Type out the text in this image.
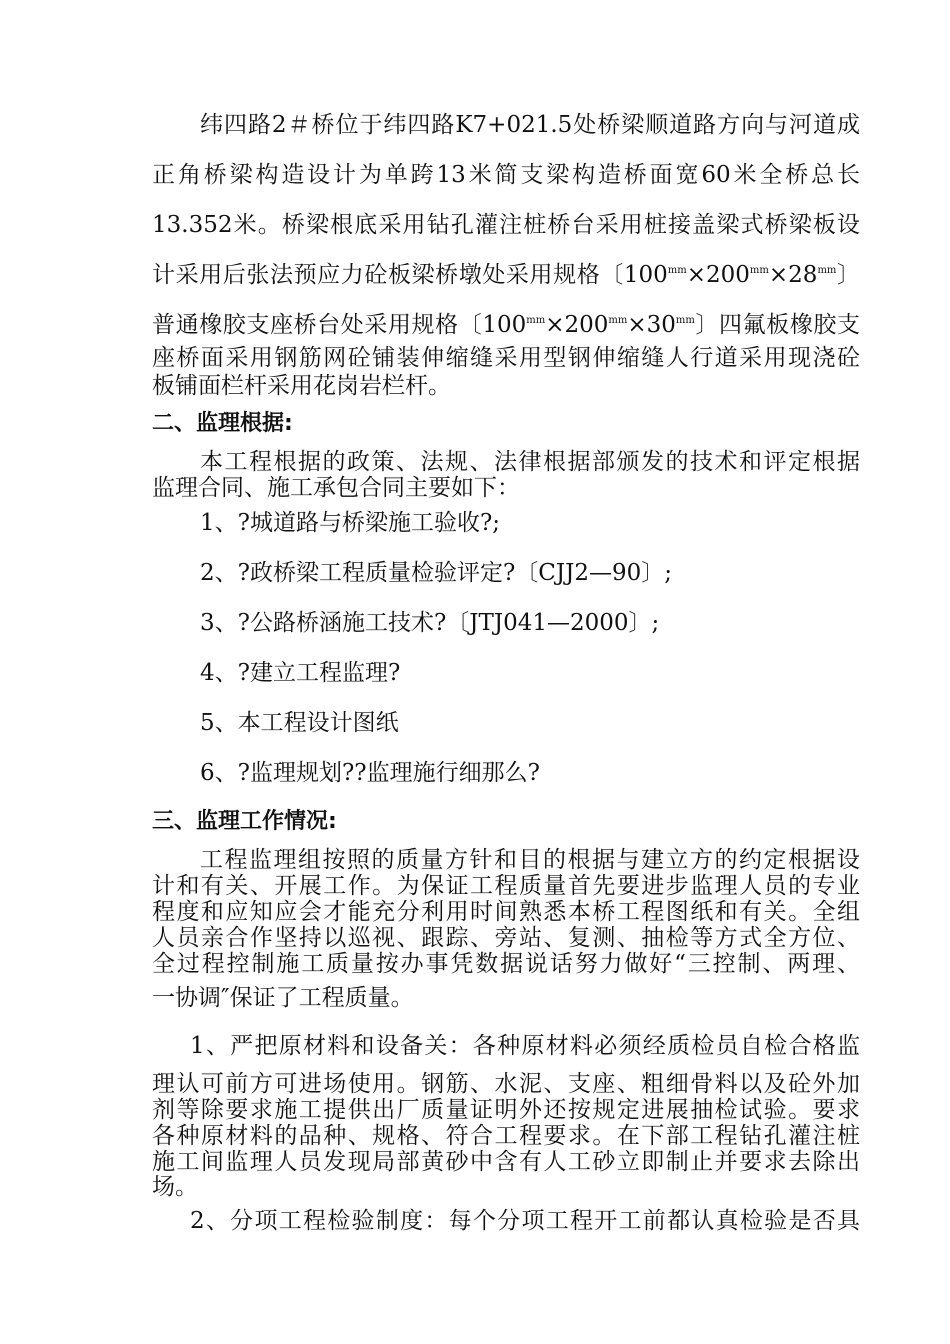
纬四路2＃桥位于纬四路K7+021.5处桥梁顺道路方向与河道成
正角桥梁构造设计为单跨13米简支梁构造桥面宽60米全桥总长
13.352米。桥梁根底采用钻孔灌注桩桥台采用桩接盖梁式桥梁板设
计采用后张法预应力砼板梁桥墩处采用规格〔$100^{mm}\times 200^{mm}\times 28^{mm}$〕
普通橡胶支座桥台处采用规格〔$100^{mm}\times 200^{mm}\times 30^{mm}$〕四氟板橡胶支
座桥面采用钢筋网砼铺装伸缩缝采用型钢伸缩缝人行道采用现浇砼
板铺面栏杆采用花岗岩栏杆。
二、监理根据:
本工程根据的政策、法规、法律根据部颁发的技术和评定根据
监理合同、施工承包合同主要如下：
1、?城道路与桥梁施工验收?;
2、?政桥梁工程质量检验评定?〔CJJ2—90〕;
3、?公路桥涵施工技术?〔JTJ041—2000〕;
4、?建立工程监理?
5、本工程设计图纸
6、?监理规划??监理施行细那么?
三、监理工作情况:
工程监理组按照的质量方针和目的根据与建立方的约定根据设
计和有关、开展工作。为保证工程质量首先要进步监理人员的专业
程度和应知应会才能充分利用时间熟悉本桥工程图纸和有关。全组
人员亲合作坚持以巡视、跟踪、旁站、复测、抽检等方式全方位、
全过程控制施工质量按办事凭数据说话努力做好“三控制、两理、
一协调″保证了工程质量。
1、严把原材料和设备关：各种原材料必须经质检员自检合格监
理认可前方可进场使用。钢筋、水泥、支座、粗细骨料以及砼外加
剂等除要求施工提供出厂质量证明外还按规定进展抽检试验。要求
各种原材料的品种、规格、符合工程要求。在下部工程钻孔灌注桩
施工间监理人员发现局部黄砂中含有人工砂立即制止并要求去除出
场。
2、分项工程检验制度：每个分项工程开工前都认真检验是否具
